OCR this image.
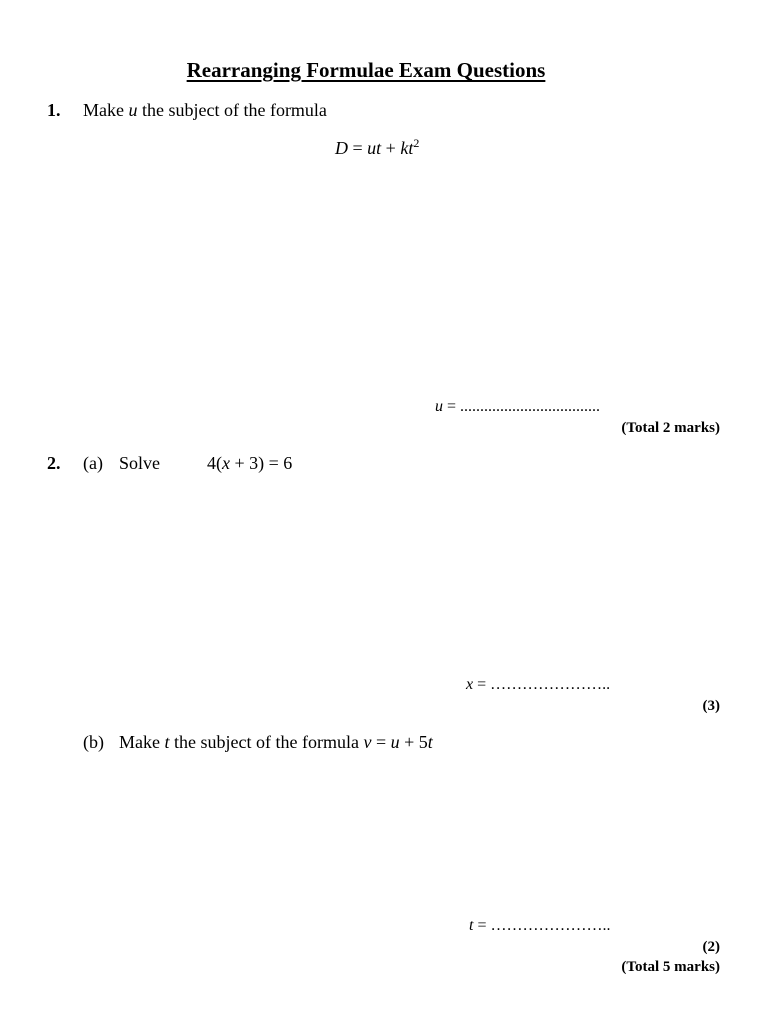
Rearranging Formulae Exam Questions
1. Make u the subject of the formula
D = ut + $kt^2$
u = ...................................
(Total 2 marks)
2. (a) Solve	4(x + 3) = 6
x = …………………..
(3)
(b) Make t the subject of the formula v = u + 5t
t = …………………..
(2)
(Total 5 marks)
